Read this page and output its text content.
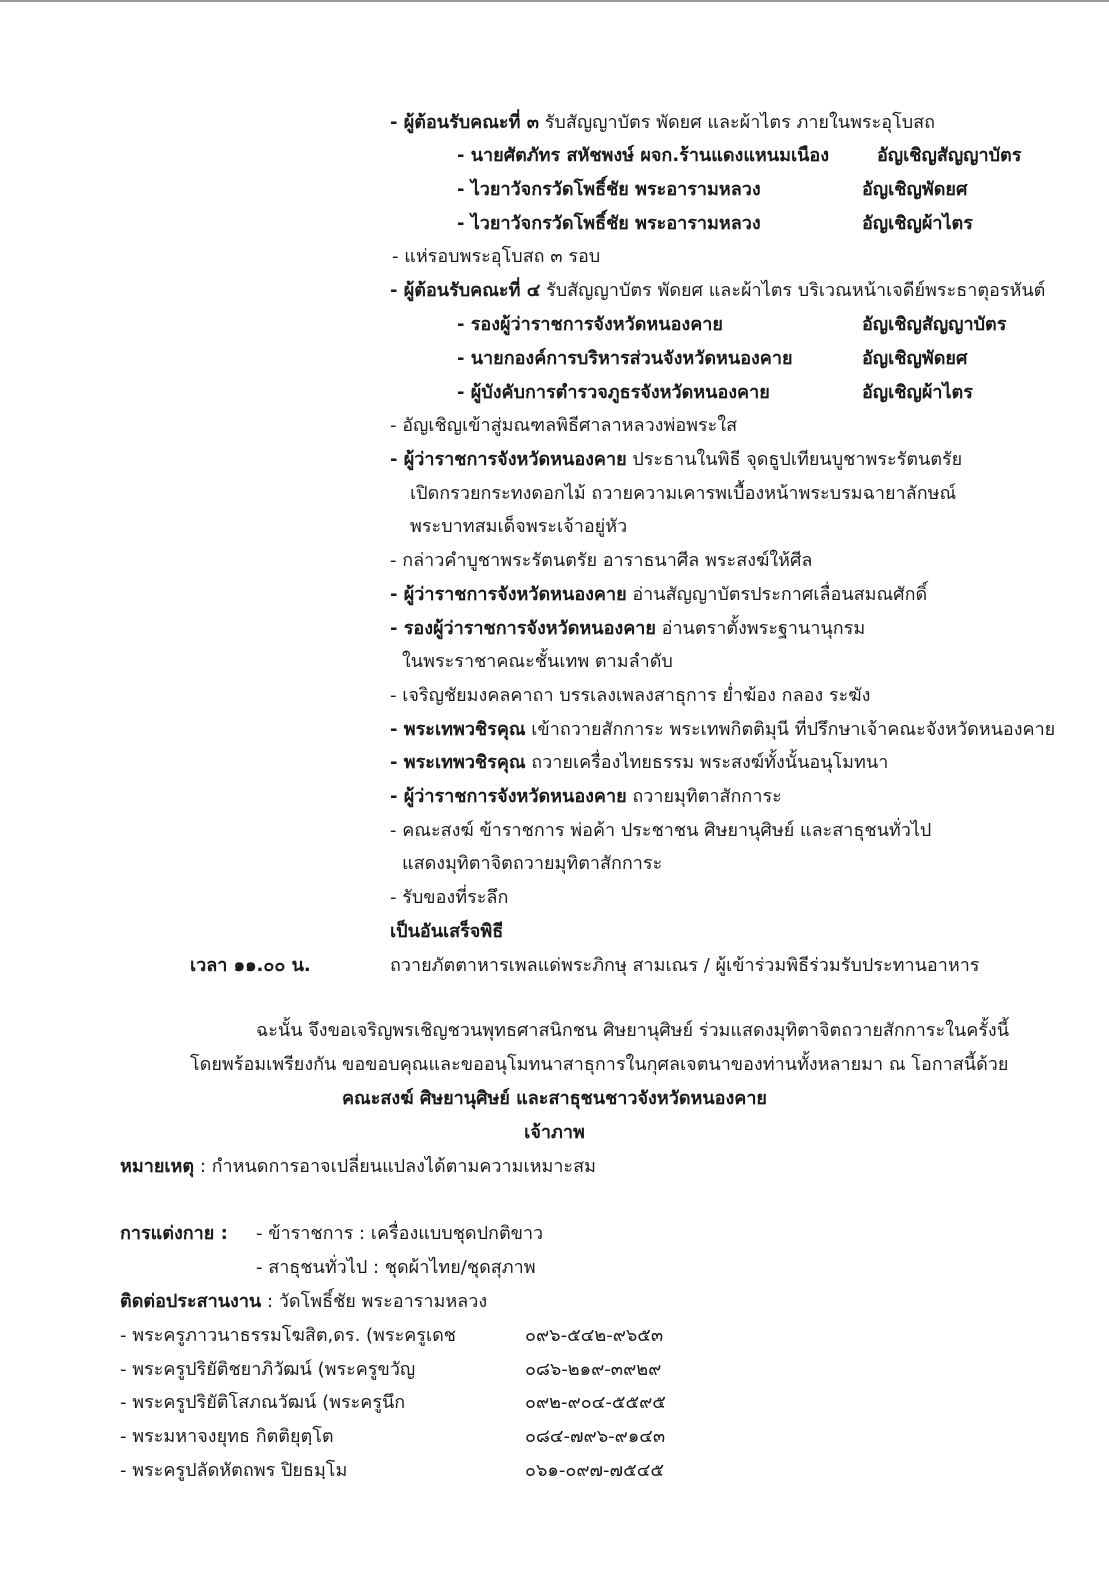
- ผู้ต้อนรับคณะที่ ๓ รับสัญญาบัตร พัดยศ และผ้าไตร ภายในพระอุโบสถ
- นายศัตภัทร สหัชพงษ์ ผจก.ร้านแดงแหนมเนือง	อัญเชิญสัญญาบัตร
- ไวยาวัจกรวัดโพธิ์ชัย พระอารามหลวง	อัญเชิญพัดยศ
- ไวยาวัจกรวัดโพธิ์ชัย พระอารามหลวง	อัญเชิญผ้าไตร
- แห่รอบพระอุโบสถ ๓ รอบ
- ผู้ต้อนรับคณะที่ ๔ รับสัญญาบัตร พัดยศ และผ้าไตร บริเวณหน้าเจดีย์พระธาตุอรหันต์
- รองผู้ว่าราชการจังหวัดหนองคาย	อัญเชิญสัญญาบัตร
- นายกองค์การบริหารส่วนจังหวัดหนองคาย	อัญเชิญพัดยศ
- ผู้บังคับการตำรวจภูธรจังหวัดหนองคาย	อัญเชิญผ้าไตร
- อัญเชิญเข้าสู่มณฑลพิธีศาลาหลวงพ่อพระใส
- ผู้ว่าราชการจังหวัดหนองคาย ประธานในพิธี จุดธูปเทียนบูชาพระรัตนตรัย
เปิดกรวยกระทงดอกไม้ ถวายความเคารพเบื้องหน้าพระบรมฉายาลักษณ์
พระบาทสมเด็จพระเจ้าอยู่หัว
- กล่าวคำบูชาพระรัตนตรัย อาราธนาศีล พระสงฆ์ให้ศีล
- ผู้ว่าราชการจังหวัดหนองคาย อ่านสัญญาบัตรประกาศเลื่อนสมณศักดิ์
- รองผู้ว่าราชการจังหวัดหนองคาย อ่านตราตั้งพระฐานานุกรม
ในพระราชาคณะชั้นเทพ ตามลำดับ
- เจริญชัยมงคลคาถา บรรเลงเพลงสาธุการ ย่ำฆ้อง กลอง ระฆัง
- พระเทพวชิรคุณ เข้าถวายสักการะ พระเทพกิตติมุนี ที่ปรึกษาเจ้าคณะจังหวัดหนองคาย
- พระเทพวชิรคุณ ถวายเครื่องไทยธรรม พระสงฆ์ทั้งนั้นอนุโมทนา
- ผู้ว่าราชการจังหวัดหนองคาย ถวายมุทิตาสักการะ
- คณะสงฆ์ ข้าราชการ พ่อค้า ประชาชน ศิษยานุศิษย์ และสาธุชนทั่วไป
แสดงมุทิตาจิตถวายมุทิตาสักการะ
- รับของที่ระลึก
เป็นอันเสร็จพิธี
เวลา ๑๑.๐๐ น.	ถวายภัตตาหารเพลแด่พระภิกษุ สามเณร / ผู้เข้าร่วมพิธีร่วมรับประทานอาหาร
ฉะนั้น จึงขอเจริญพรเชิญชวนพุทธศาสนิกชน ศิษยานุศิษย์ ร่วมแสดงมุทิตาจิตถวายสักการะในครั้งนี้
โดยพร้อมเพรียงกัน ขอขอบคุณและขออนุโมทนาสาธุการในกุศลเจตนาของท่านทั้งหลายมา ณ โอกาสนี้ด้วย
คณะสงฆ์ ศิษยานุศิษย์ และสาธุชนชาวจังหวัดหนองคาย
เจ้าภาพ
หมายเหตุ : กำหนดการอาจเปลี่ยนแปลงได้ตามความเหมาะสม
การแต่งกาย : - ข้าราชการ : เครื่องแบบชุดปกติขาว
- สาธุชนทั่วไป : ชุดผ้าไทย/ชุดสุภาพ
ติดต่อประสานงาน : วัดโพธิ์ชัย พระอารามหลวง
- พระครูภาวนาธรรมโฆสิต,ดร. (พระครูเดช	๐๙๖-๕๔๒-๙๖๕๓
- พระครูปริยัติชยาภิวัฒน์ (พระครูขวัญ	๐๘๖-๒๑๙-๓๙๒๙
- พระครูปริยัติโสภณวัฒน์ (พระครูนึก	๐๙๒-๙๐๔-๕๕๙๕
- พระมหาจงยุทธ กิตติยุตฺโต	๐๘๔-๗๙๖-๙๑๔๓
- พระครูปลัดหัตถพร ปิยธมฺโม	๐๖๑-๐๙๗-๗๕๔๕
